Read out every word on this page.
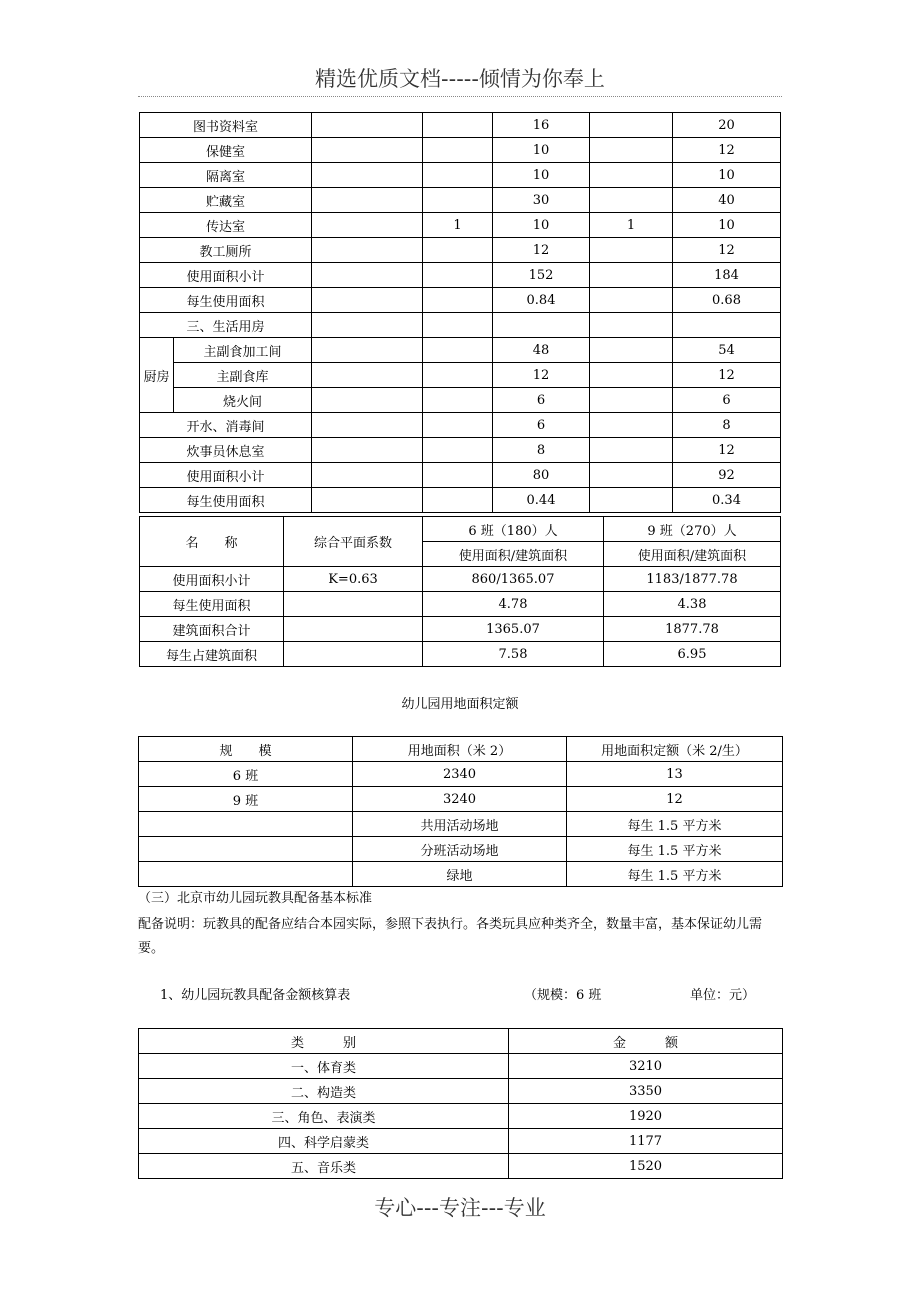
精选优质文档-----倾情为你奉上
图书资料室				16		20
保健室				10		12
隔离室				10		10
贮藏室				30		40
传达室			1	10	1	10
教工厕所				12		12
使用面积小计				152		184
每生使用面积				0.84		0.68
三、生活用房						
厨房	主副食加工间			48		54
	主副食库			12		12
	烧火间			6		6
开水、消毒间				6		8
炊事员休息室				8		12
使用面积小计				80		92
每生使用面积				0.44		0.34
名　　称	综合平面系数	6 班（180）人	9 班（270）人
		使用面积/建筑面积	使用面积/建筑面积
使用面积小计	K=0.63	860/1365.07	1183/1877.78
每生使用面积		4.78	4.38
建筑面积合计		1365.07	1877.78
每生占建筑面积		7.58	6.95
幼儿园用地面积定额
规　　模	用地面积（米 2）	用地面积定额（米 2/生）
6 班	2340	13
9 班	3240	12
	共用活动场地	每生 1.5 平方米
	分班活动场地	每生 1.5 平方米
	绿地	每生 1.5 平方米
（三）北京市幼儿园玩教具配备基本标准
配备说明：玩教具的配备应结合本园实际，参照下表执行。各类玩具应种类齐全，数量丰富，基本保证幼儿需要。
1、幼儿园玩教具配备金额核算表	（规模：6 班	单位：元）
类　　　别	金　　　额
一、体育类	3210
二、构造类	3350
三、角色、表演类	1920
四、科学启蒙类	1177
五、音乐类	1520
专心---专注---专业
